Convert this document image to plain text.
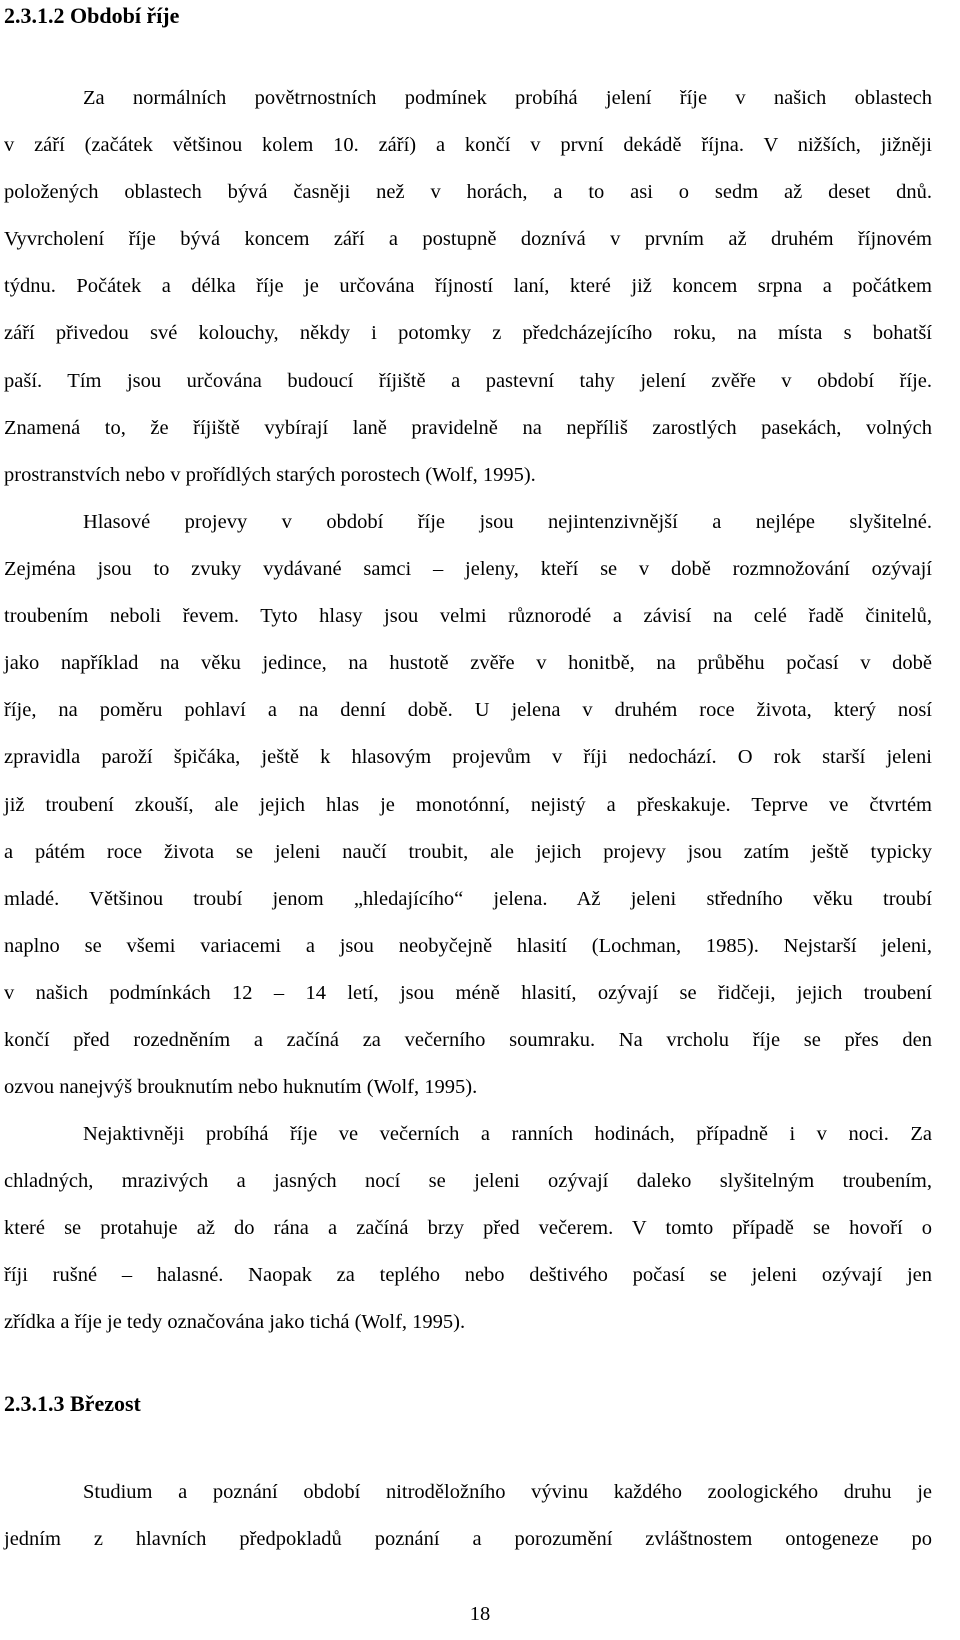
2.3.1.2 Období říje
Za normálních povětrnostních podmínek probíhá jelení říje v našich oblastech
v září (začátek většinou kolem 10. září) a končí v první dekádě října. V nižších, jižněji
položených oblastech bývá časněji než v horách, a to asi o sedm až deset dnů.
Vyvrcholení říje bývá koncem září a postupně doznívá v prvním až druhém říjnovém
týdnu. Počátek a délka říje je určována říjností laní, které již koncem srpna a počátkem
září přivedou své kolouchy, někdy i potomky z předcházejícího roku, na místa s bohatší
paší. Tím jsou určována budoucí říjiště a pastevní tahy jelení zvěře v období říje.
Znamená to, že říjiště vybírají laně pravidelně na nepříliš zarostlých pasekách, volných
prostranstvích nebo v prořídlých starých porostech (Wolf, 1995).
Hlasové projevy v období říje jsou nejintenzivnější a nejlépe slyšitelné.
Zejména jsou to zvuky vydávané samci – jeleny, kteří se v době rozmnožování ozývají
troubením neboli řevem. Tyto hlasy jsou velmi různorodé a závisí na celé řadě činitelů,
jako například na věku jedince, na hustotě zvěře v honitbě, na průběhu počasí v době
říje, na poměru pohlaví a na denní době. U jelena v druhém roce života, který nosí
zpravidla paroží špičáka, ještě k hlasovým projevům v říji nedochází. O rok starší jeleni
již troubení zkouší, ale jejich hlas je monotónní, nejistý a přeskakuje. Teprve ve čtvrtém
a pátém roce života se jeleni naučí troubit, ale jejich projevy jsou zatím ještě typicky
mladé. Většinou troubí jenom „hledajícího“ jelena. Až jeleni středního věku troubí
naplno se všemi variacemi a jsou neobyčejně hlasití (Lochman, 1985). Nejstarší jeleni,
v našich podmínkách 12 – 14 letí, jsou méně hlasití, ozývají se řidčeji, jejich troubení
končí před rozedněním a začíná za večerního soumraku. Na vrcholu říje se přes den
ozvou nanejvýš brouknutím nebo huknutím (Wolf, 1995).
Nejaktivněji probíhá říje ve večerních a ranních hodinách, případně i v noci. Za
chladných, mrazivých a jasných nocí se jeleni ozývají daleko slyšitelným troubením,
které se protahuje až do rána a začíná brzy před večerem. V tomto případě se hovoří o
říji rušné – halasné. Naopak za teplého nebo deštivého počasí se jeleni ozývají jen
zřídka a říje je tedy označována jako tichá (Wolf, 1995).
2.3.1.3 Březost
Studium a poznání období nitroděložního vývinu každého zoologického druhu je
jedním z hlavních předpokladů poznání a porozumění zvláštnostem ontogeneze po
18
